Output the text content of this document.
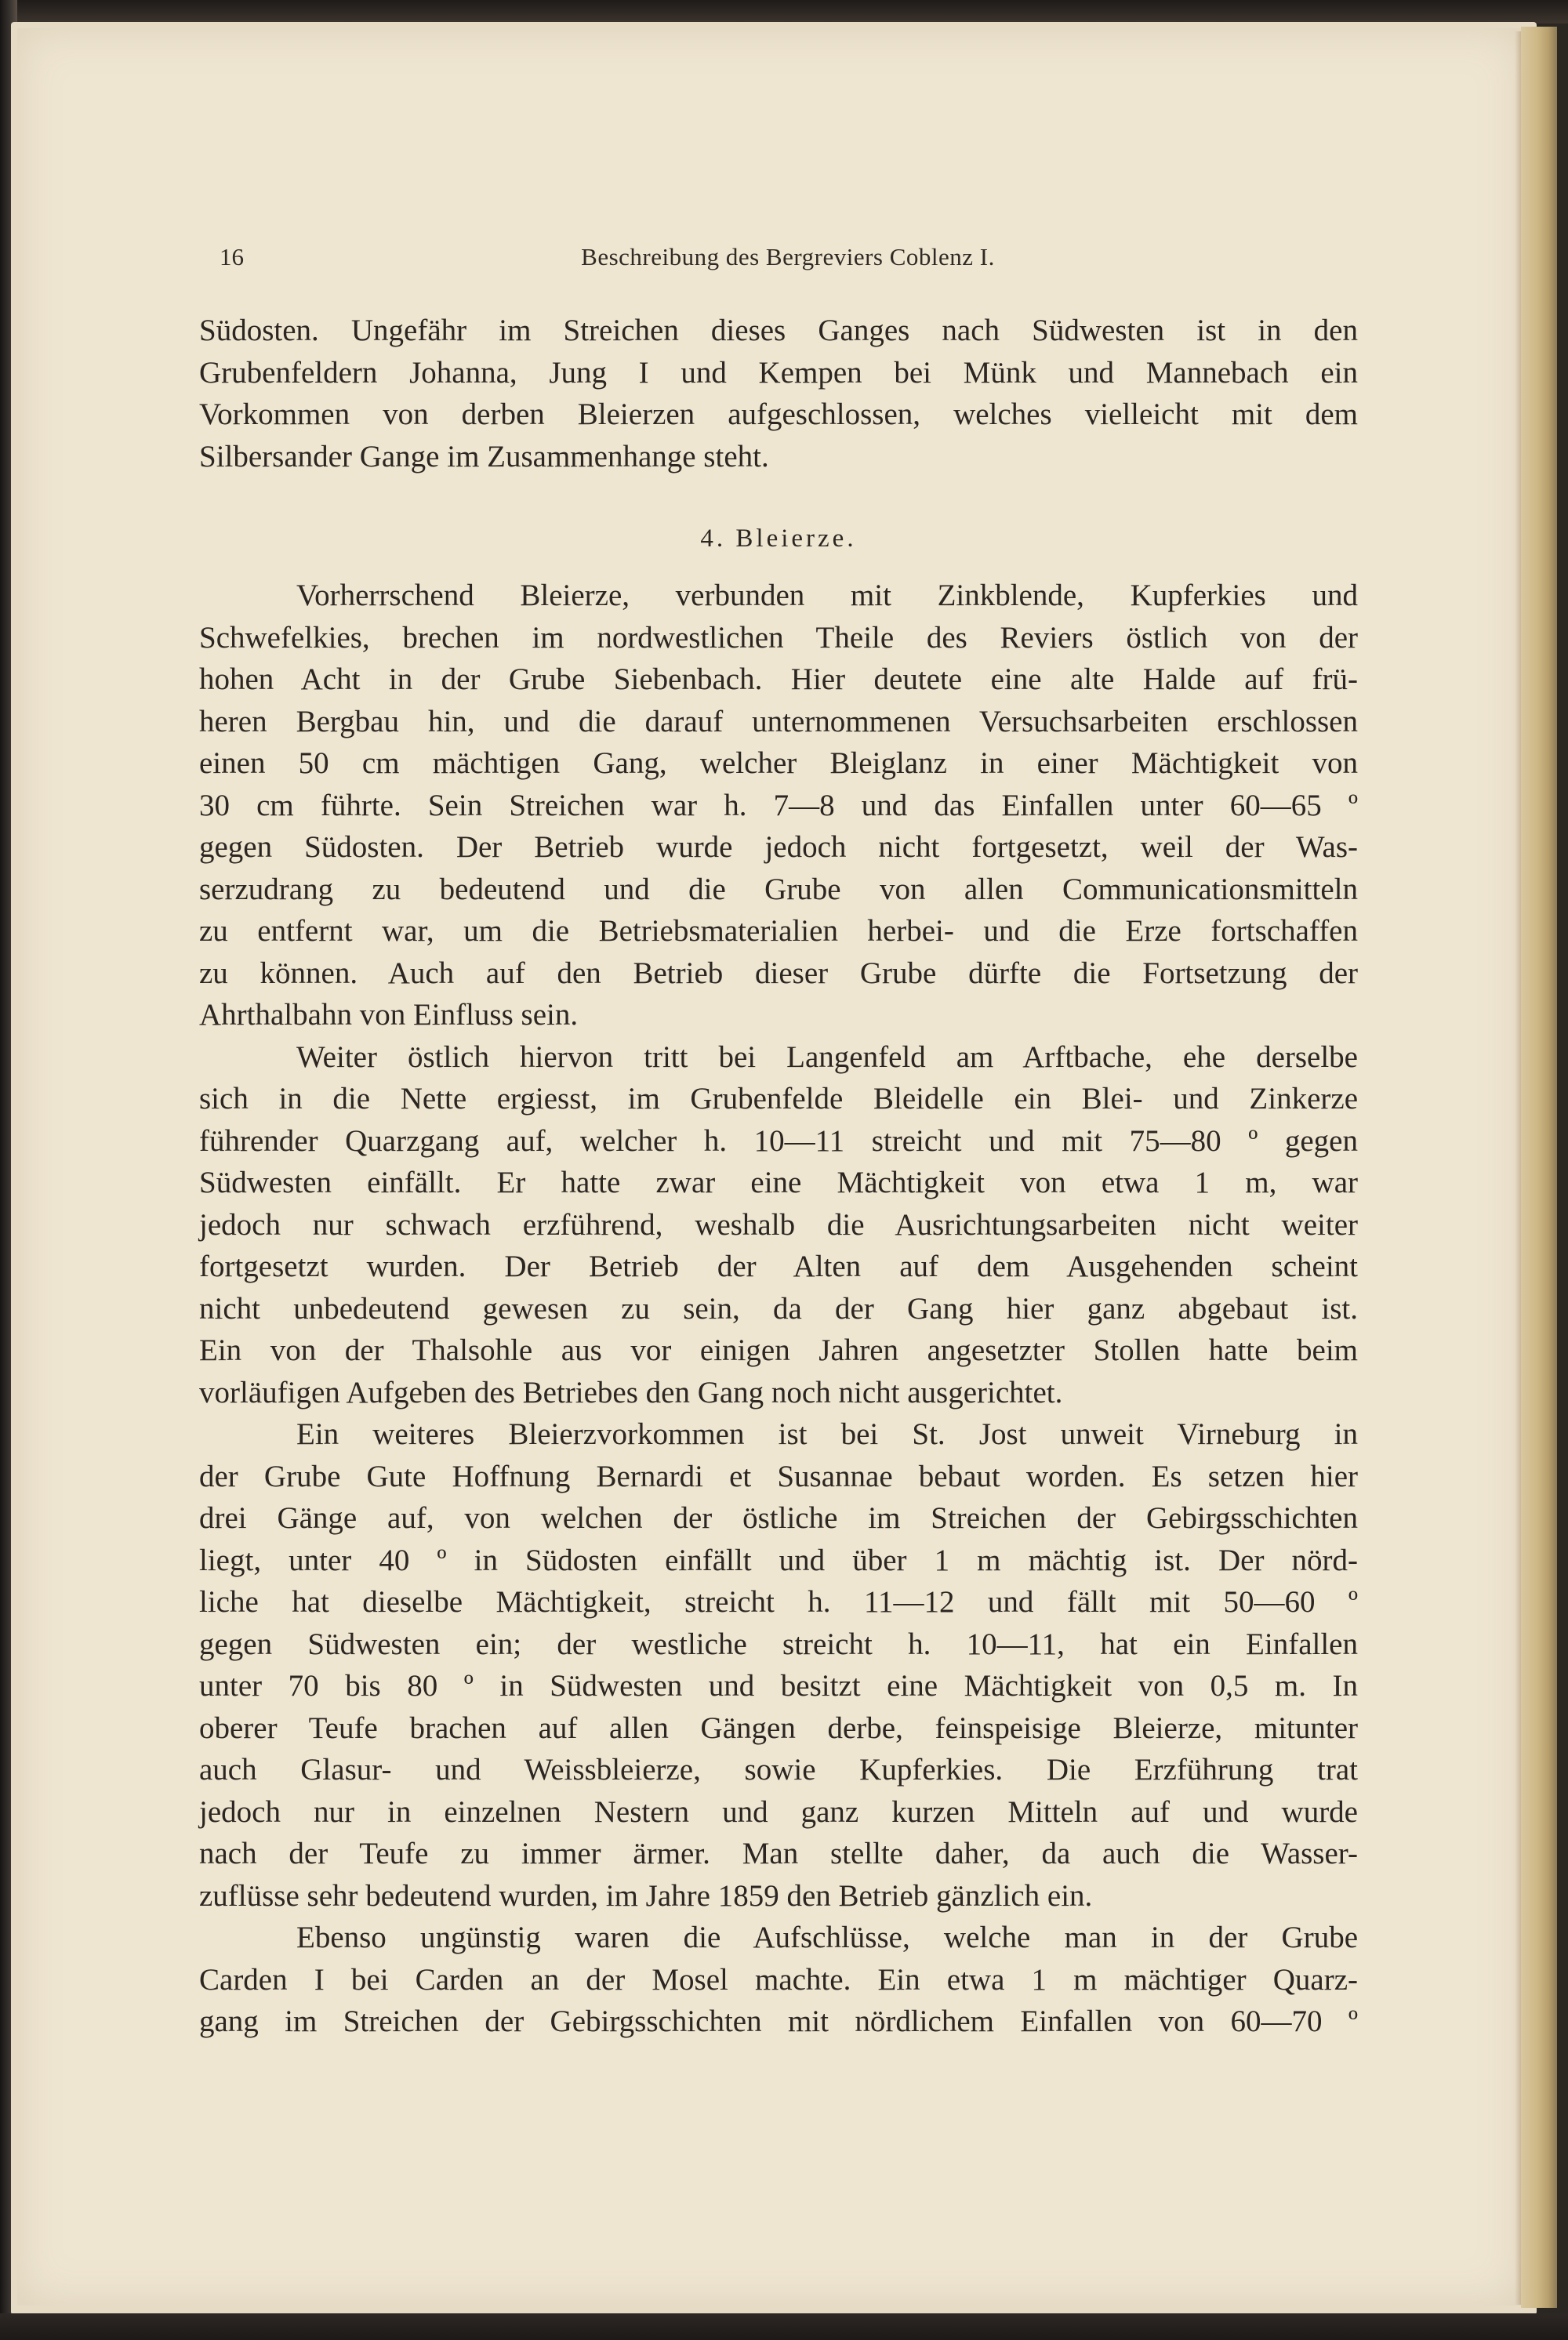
16	Beschreibung des Bergreviers Coblenz I.
Südosten. Ungefähr im Streichen dieses Ganges nach Südwesten ist in den
Grubenfeldern Johanna, Jung I und Kempen bei Münk und Mannebach ein
Vorkommen von derben Bleierzen aufgeschlossen, welches vielleicht mit dem
Silbersander Gange im Zusammenhange steht.
4. Bleierze.
Vorherrschend Bleierze, verbunden mit Zinkblende, Kupferkies und
Schwefelkies, brechen im nordwestlichen Theile des Reviers östlich von der
hohen Acht in der Grube Siebenbach. Hier deutete eine alte Halde auf frü-
heren Bergbau hin, und die darauf unternommenen Versuchsarbeiten erschlossen
einen 50 cm mächtigen Gang, welcher Bleiglanz in einer Mächtigkeit von
30 cm führte. Sein Streichen war h. 7—8 und das Einfallen unter 60—65 º
gegen Südosten. Der Betrieb wurde jedoch nicht fortgesetzt, weil der Was-
serzudrang zu bedeutend und die Grube von allen Communicationsmitteln
zu entfernt war, um die Betriebsmaterialien herbei- und die Erze fortschaffen
zu können. Auch auf den Betrieb dieser Grube dürfte die Fortsetzung der
Ahrthalbahn von Einfluss sein.
Weiter östlich hiervon tritt bei Langenfeld am Arftbache, ehe derselbe
sich in die Nette ergiesst, im Grubenfelde Bleidelle ein Blei- und Zinkerze
führender Quarzgang auf, welcher h. 10—11 streicht und mit 75—80 º gegen
Südwesten einfällt. Er hatte zwar eine Mächtigkeit von etwa 1 m, war
jedoch nur schwach erzführend, weshalb die Ausrichtungsarbeiten nicht weiter
fortgesetzt wurden. Der Betrieb der Alten auf dem Ausgehenden scheint
nicht unbedeutend gewesen zu sein, da der Gang hier ganz abgebaut ist.
Ein von der Thalsohle aus vor einigen Jahren angesetzter Stollen hatte beim
vorläufigen Aufgeben des Betriebes den Gang noch nicht ausgerichtet.
Ein weiteres Bleierzvorkommen ist bei St. Jost unweit Virneburg in
der Grube Gute Hoffnung Bernardi et Susannae bebaut worden. Es setzen hier
drei Gänge auf, von welchen der östliche im Streichen der Gebirgsschichten
liegt, unter 40 º in Südosten einfällt und über 1 m mächtig ist. Der nörd-
liche hat dieselbe Mächtigkeit, streicht h. 11—12 und fällt mit 50—60 º
gegen Südwesten ein; der westliche streicht h. 10—11, hat ein Einfallen
unter 70 bis 80 º in Südwesten und besitzt eine Mächtigkeit von 0,5 m. In
oberer Teufe brachen auf allen Gängen derbe, feinspeisige Bleierze, mitunter
auch Glasur- und Weissbleierze, sowie Kupferkies. Die Erzführung trat
jedoch nur in einzelnen Nestern und ganz kurzen Mitteln auf und wurde
nach der Teufe zu immer ärmer. Man stellte daher, da auch die Wasser-
zuflüsse sehr bedeutend wurden, im Jahre 1859 den Betrieb gänzlich ein.
Ebenso ungünstig waren die Aufschlüsse, welche man in der Grube
Carden I bei Carden an der Mosel machte. Ein etwa 1 m mächtiger Quarz-
gang im Streichen der Gebirgsschichten mit nördlichem Einfallen von 60—70 º
